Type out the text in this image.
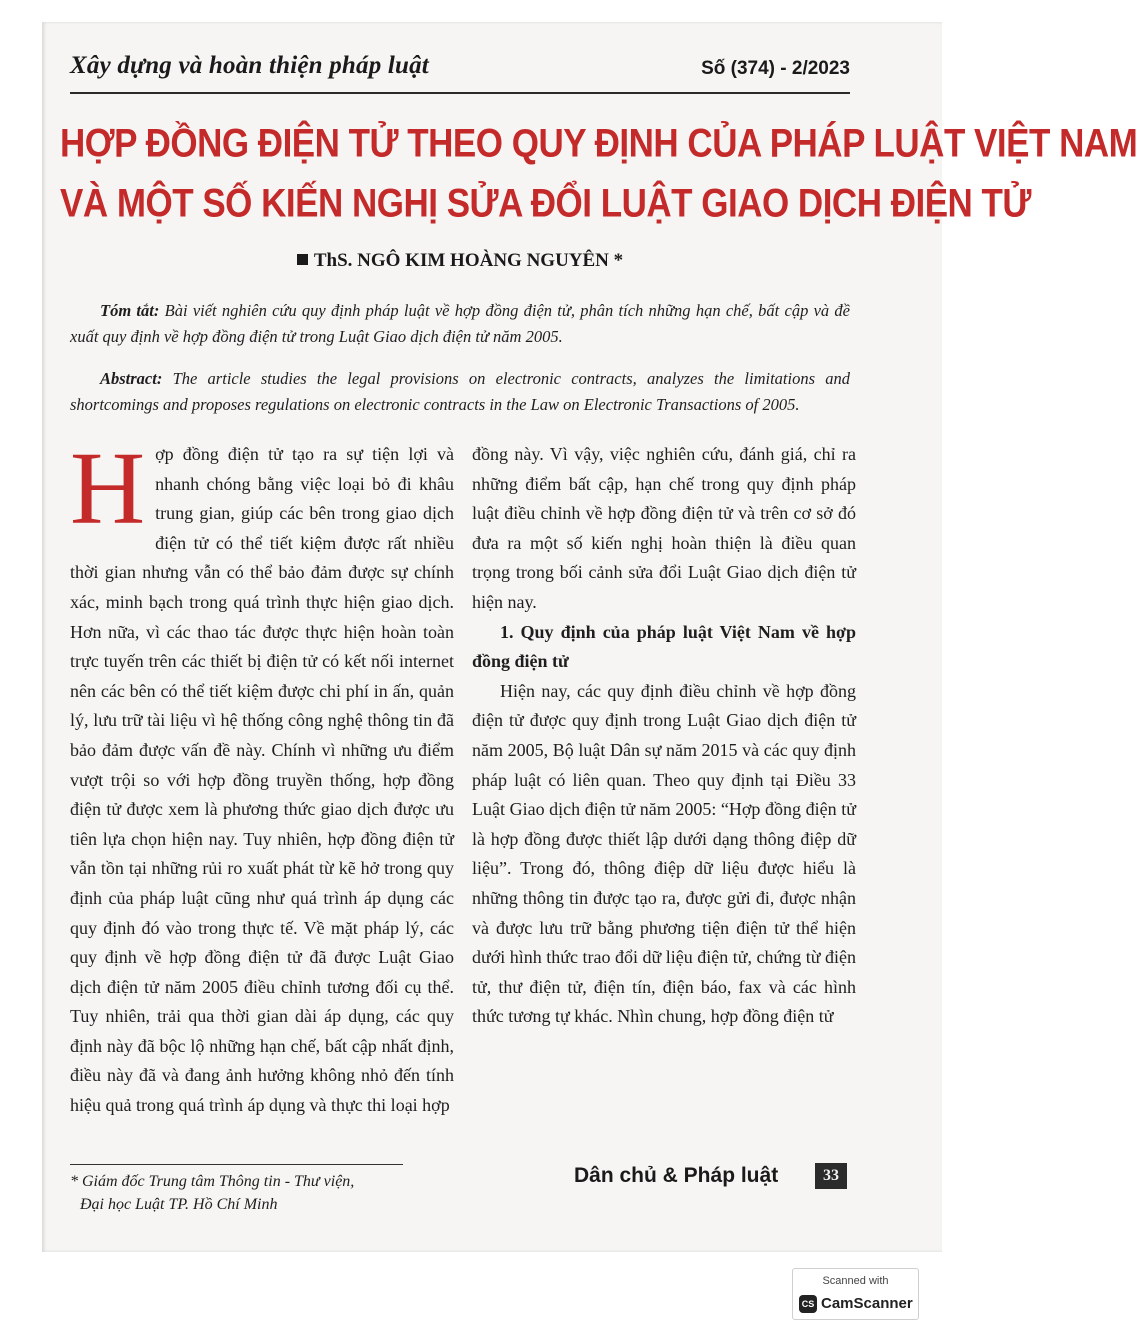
Xây dựng và hoàn thiện pháp luật	Số (374) - 2/2023
HỢP ĐỒNG ĐIỆN TỬ THEO QUY ĐỊNH CỦA PHÁP LUẬT VIỆT NAM
VÀ MỘT SỐ KIẾN NGHỊ SỬA ĐỔI LUẬT GIAO DỊCH ĐIỆN TỬ
ThS. NGÔ KIM HOÀNG NGUYÊN *
Tóm tắt: Bài viết nghiên cứu quy định pháp luật về hợp đồng điện tử, phân tích những hạn chế, bất cập và đề xuất quy định về hợp đồng điện tử trong Luật Giao dịch điện tử năm 2005.
Abstract: The article studies the legal provisions on electronic contracts, analyzes the limitations and shortcomings and proposes regulations on electronic contracts in the Law on Electronic Transactions of 2005.
H ợp đồng điện tử tạo ra sự tiện lợi và nhanh chóng bằng việc loại bỏ đi khâu trung gian, giúp các bên trong giao dịch điện tử có thể tiết kiệm được rất nhiều thời gian nhưng vẫn có thể bảo đảm được sự chính xác, minh bạch trong quá trình thực hiện giao dịch. Hơn nữa, vì các thao tác được thực hiện hoàn toàn trực tuyến trên các thiết bị điện tử có kết nối internet nên các bên có thể tiết kiệm được chi phí in ấn, quản lý, lưu trữ tài liệu vì hệ thống công nghệ thông tin đã bảo đảm được vấn đề này. Chính vì những ưu điểm vượt trội so với hợp đồng truyền thống, hợp đồng điện tử được xem là phương thức giao dịch được ưu tiên lựa chọn hiện nay. Tuy nhiên, hợp đồng điện tử vẫn tồn tại những rủi ro xuất phát từ kẽ hở trong quy định của pháp luật cũng như quá trình áp dụng các quy định đó vào trong thực tế. Về mặt pháp lý, các quy định về hợp đồng điện tử đã được Luật Giao dịch điện tử năm 2005 điều chỉnh tương đối cụ thể. Tuy nhiên, trải qua thời gian dài áp dụng, các quy định này đã bộc lộ những hạn chế, bất cập nhất định, điều này đã và đang ảnh hưởng không nhỏ đến tính hiệu quả trong quá trình áp dụng và thực thi loại hợp

đồng này. Vì vậy, việc nghiên cứu, đánh giá, chỉ ra những điểm bất cập, hạn chế trong quy định pháp luật điều chỉnh về hợp đồng điện tử và trên cơ sở đó đưa ra một số kiến nghị hoàn thiện là điều quan trọng trong bối cảnh sửa đổi Luật Giao dịch điện tử hiện nay.

1. Quy định của pháp luật Việt Nam về hợp đồng điện tử

Hiện nay, các quy định điều chỉnh về hợp đồng điện tử được quy định trong Luật Giao dịch điện tử năm 2005, Bộ luật Dân sự năm 2015 và các quy định pháp luật có liên quan. Theo quy định tại Điều 33 Luật Giao dịch điện tử năm 2005: “Hợp đồng điện tử là hợp đồng được thiết lập dưới dạng thông điệp dữ liệu”. Trong đó, thông điệp dữ liệu được hiểu là những thông tin được tạo ra, được gửi đi, được nhận và được lưu trữ bằng phương tiện điện tử thể hiện dưới hình thức trao đổi dữ liệu điện tử, chứng từ điện tử, thư điện tử, điện tín, điện báo, fax và các hình thức tương tự khác. Nhìn chung, hợp đồng điện tử

* Giám đốc Trung tâm Thông tin - Thư viện,
Đại học Luật TP. Hồ Chí Minh
Dân chủ & Pháp luật	33
Scanned with
CS CamScanner
